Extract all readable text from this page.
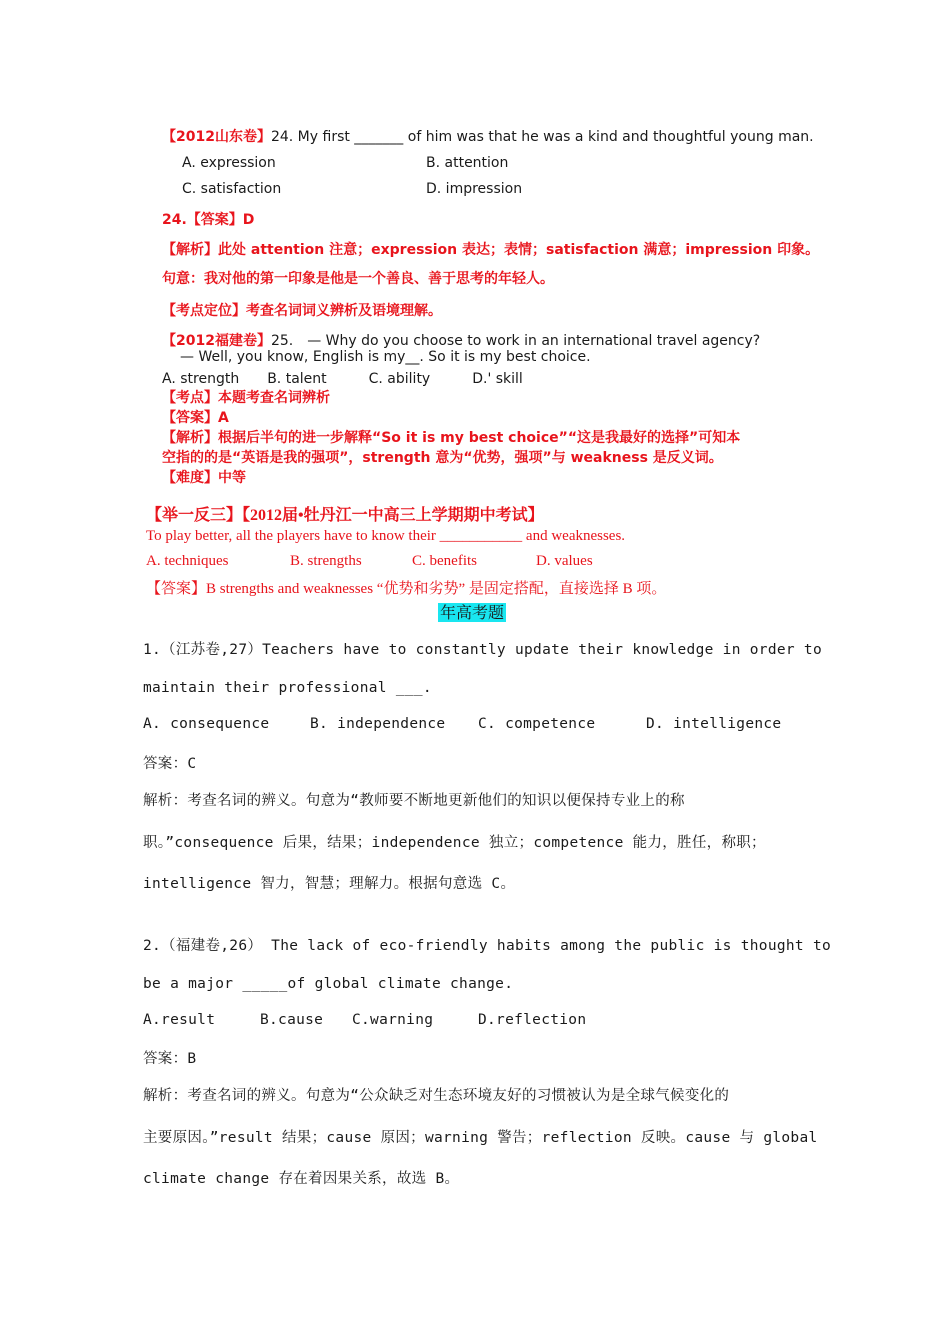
【2012山东卷】24. My first _______ of him was that he was a kind and thoughtful young man.
A. expression	B. attention
C. satisfaction	D. impression
24.【答案】D
【解析】此处 attention 注意；expression 表达；表情；satisfaction 满意；impression 印象。
句意：我对他的第一印象是他是一个善良、善于思考的年轻人。
【考点定位】考查名词词义辨析及语境理解。
【2012福建卷】25.　— Why do you choose to work in an international travel agency?
— Well, you know, English is my__. So it is my best choice.
A. strength　　B. talent　　　C. ability　　　D.' skill
【考点】本题考查名词辨析
【答案】A
【解析】根据后半句的进一步解释“So it is my best choice”“这是我最好的选择”可知本
空指的的是“英语是我的强项”，strength 意为“优势，强项”与 weakness 是反义词。
【难度】中等
【举一反三】【2012届•牡丹江一中高三上学期期中考试】
To play better, all the players have to know their ___________ and weaknesses.
A. techniques	B. strengths	C. benefits	D. values
【答案】B strengths and weaknesses “优势和劣势” 是固定搭配，直接选择 B 项。
年高考题
1.（江苏卷,27）Teachers have to constantly update their knowledge in order to
maintain their professional ___.
A. consequence	B. independence C. competence	D. intelligence
答案：C
解析：考查名词的辨义。句意为“教师要不断地更新他们的知识以便保持专业上的称
职。”consequence 后果，结果；independence 独立；competence 能力，胜任，称职；
intelligence 智力，智慧；理解力。根据句意选 C。
2.（福建卷,26） The lack of eco-friendly habits among the public is thought to
be a major _____of global climate change.
A.result	B.cause C.warning	D.reflection
答案：B
解析：考查名词的辨义。句意为“公众缺乏对生态环境友好的习惯被认为是全球气候变化的
主要原因。”result 结果；cause 原因；warning 警告；reflection 反映。cause 与 global
climate change 存在着因果关系，故选 B。
